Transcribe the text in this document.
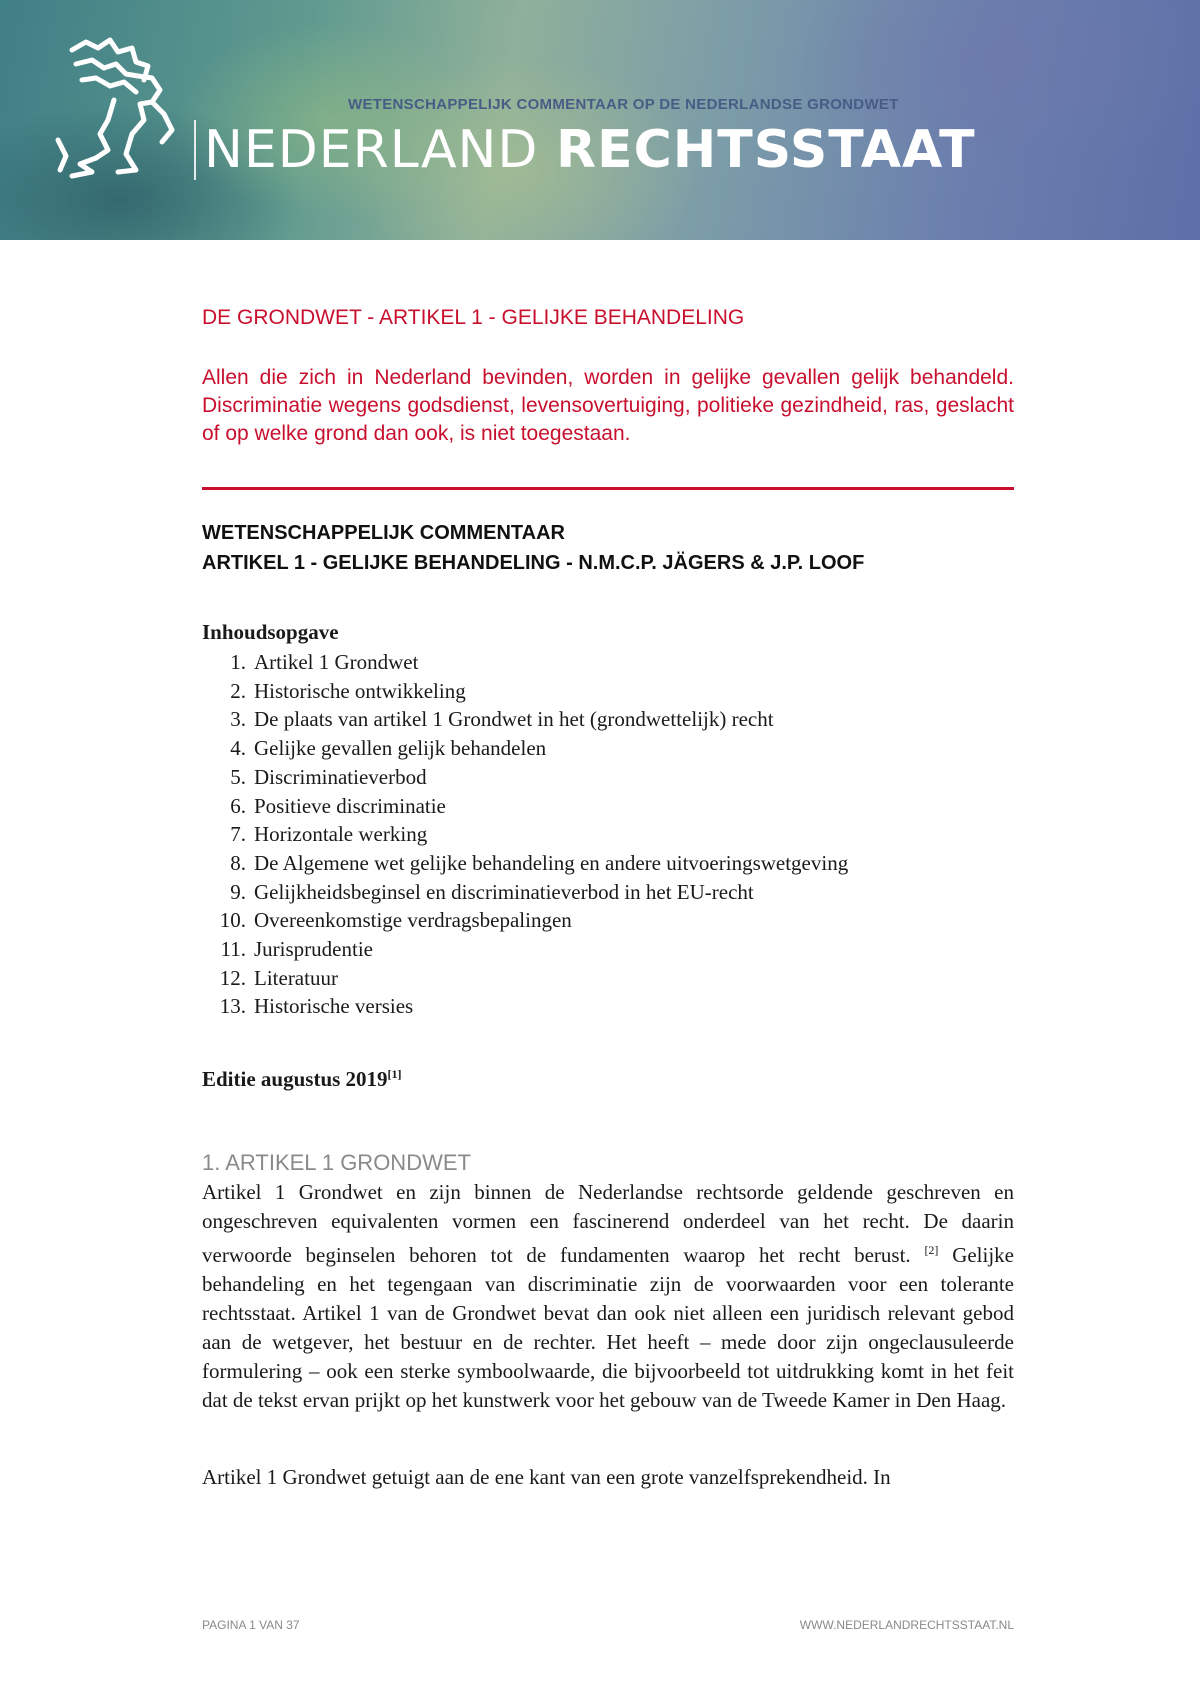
WETENSCHAPPELIJK COMMENTAAR OP DE NEDERLANDSE GRONDWET
NEDERLAND RECHTSSTAAT
DE GRONDWET - ARTIKEL 1 - GELIJKE BEHANDELING
Allen die zich in Nederland bevinden, worden in gelijke gevallen gelijk behandeld. Discriminatie wegens godsdienst, levensovertuiging, politieke gezindheid, ras, geslacht of op welke grond dan ook, is niet toegestaan.
WETENSCHAPPELIJK COMMENTAAR
ARTIKEL 1 - GELIJKE BEHANDELING - N.M.C.P. JÄGERS & J.P. LOOF
Inhoudsopgave
1. Artikel 1 Grondwet
2. Historische ontwikkeling
3. De plaats van artikel 1 Grondwet in het (grondwettelijk) recht
4. Gelijke gevallen gelijk behandelen
5. Discriminatieverbod
6. Positieve discriminatie
7. Horizontale werking
8. De Algemene wet gelijke behandeling en andere uitvoeringswetgeving
9. Gelijkheidsbeginsel en discriminatieverbod in het EU-recht
10. Overeenkomstige verdragsbepalingen
11. Jurisprudentie
12. Literatuur
13. Historische versies
Editie augustus 2019[1]
1. ARTIKEL 1 GRONDWET

Artikel 1 Grondwet en zijn binnen de Nederlandse rechtsorde geldende geschreven en ongeschreven equivalenten vormen een fascinerend onderdeel van het recht. De daarin verwoorde beginselen behoren tot de fundamenten waarop het recht berust. [2] Gelijke behandeling en het tegengaan van discriminatie zijn de voorwaarden voor een tolerante rechtsstaat. Artikel 1 van de Grondwet bevat dan ook niet alleen een juridisch relevant gebod aan de wetgever, het bestuur en de rechter. Het heeft – mede door zijn ongeclausuleerde formulering – ook een sterke symboolwaarde, die bijvoorbeeld tot uitdrukking komt in het feit dat de tekst ervan prijkt op het kunstwerk voor het gebouw van de Tweede Kamer in Den Haag.

Artikel 1 Grondwet getuigt aan de ene kant van een grote vanzelfsprekendheid. In

PAGINA 1 VAN 37	WWW.NEDERLANDRECHTSSTAAT.NL
